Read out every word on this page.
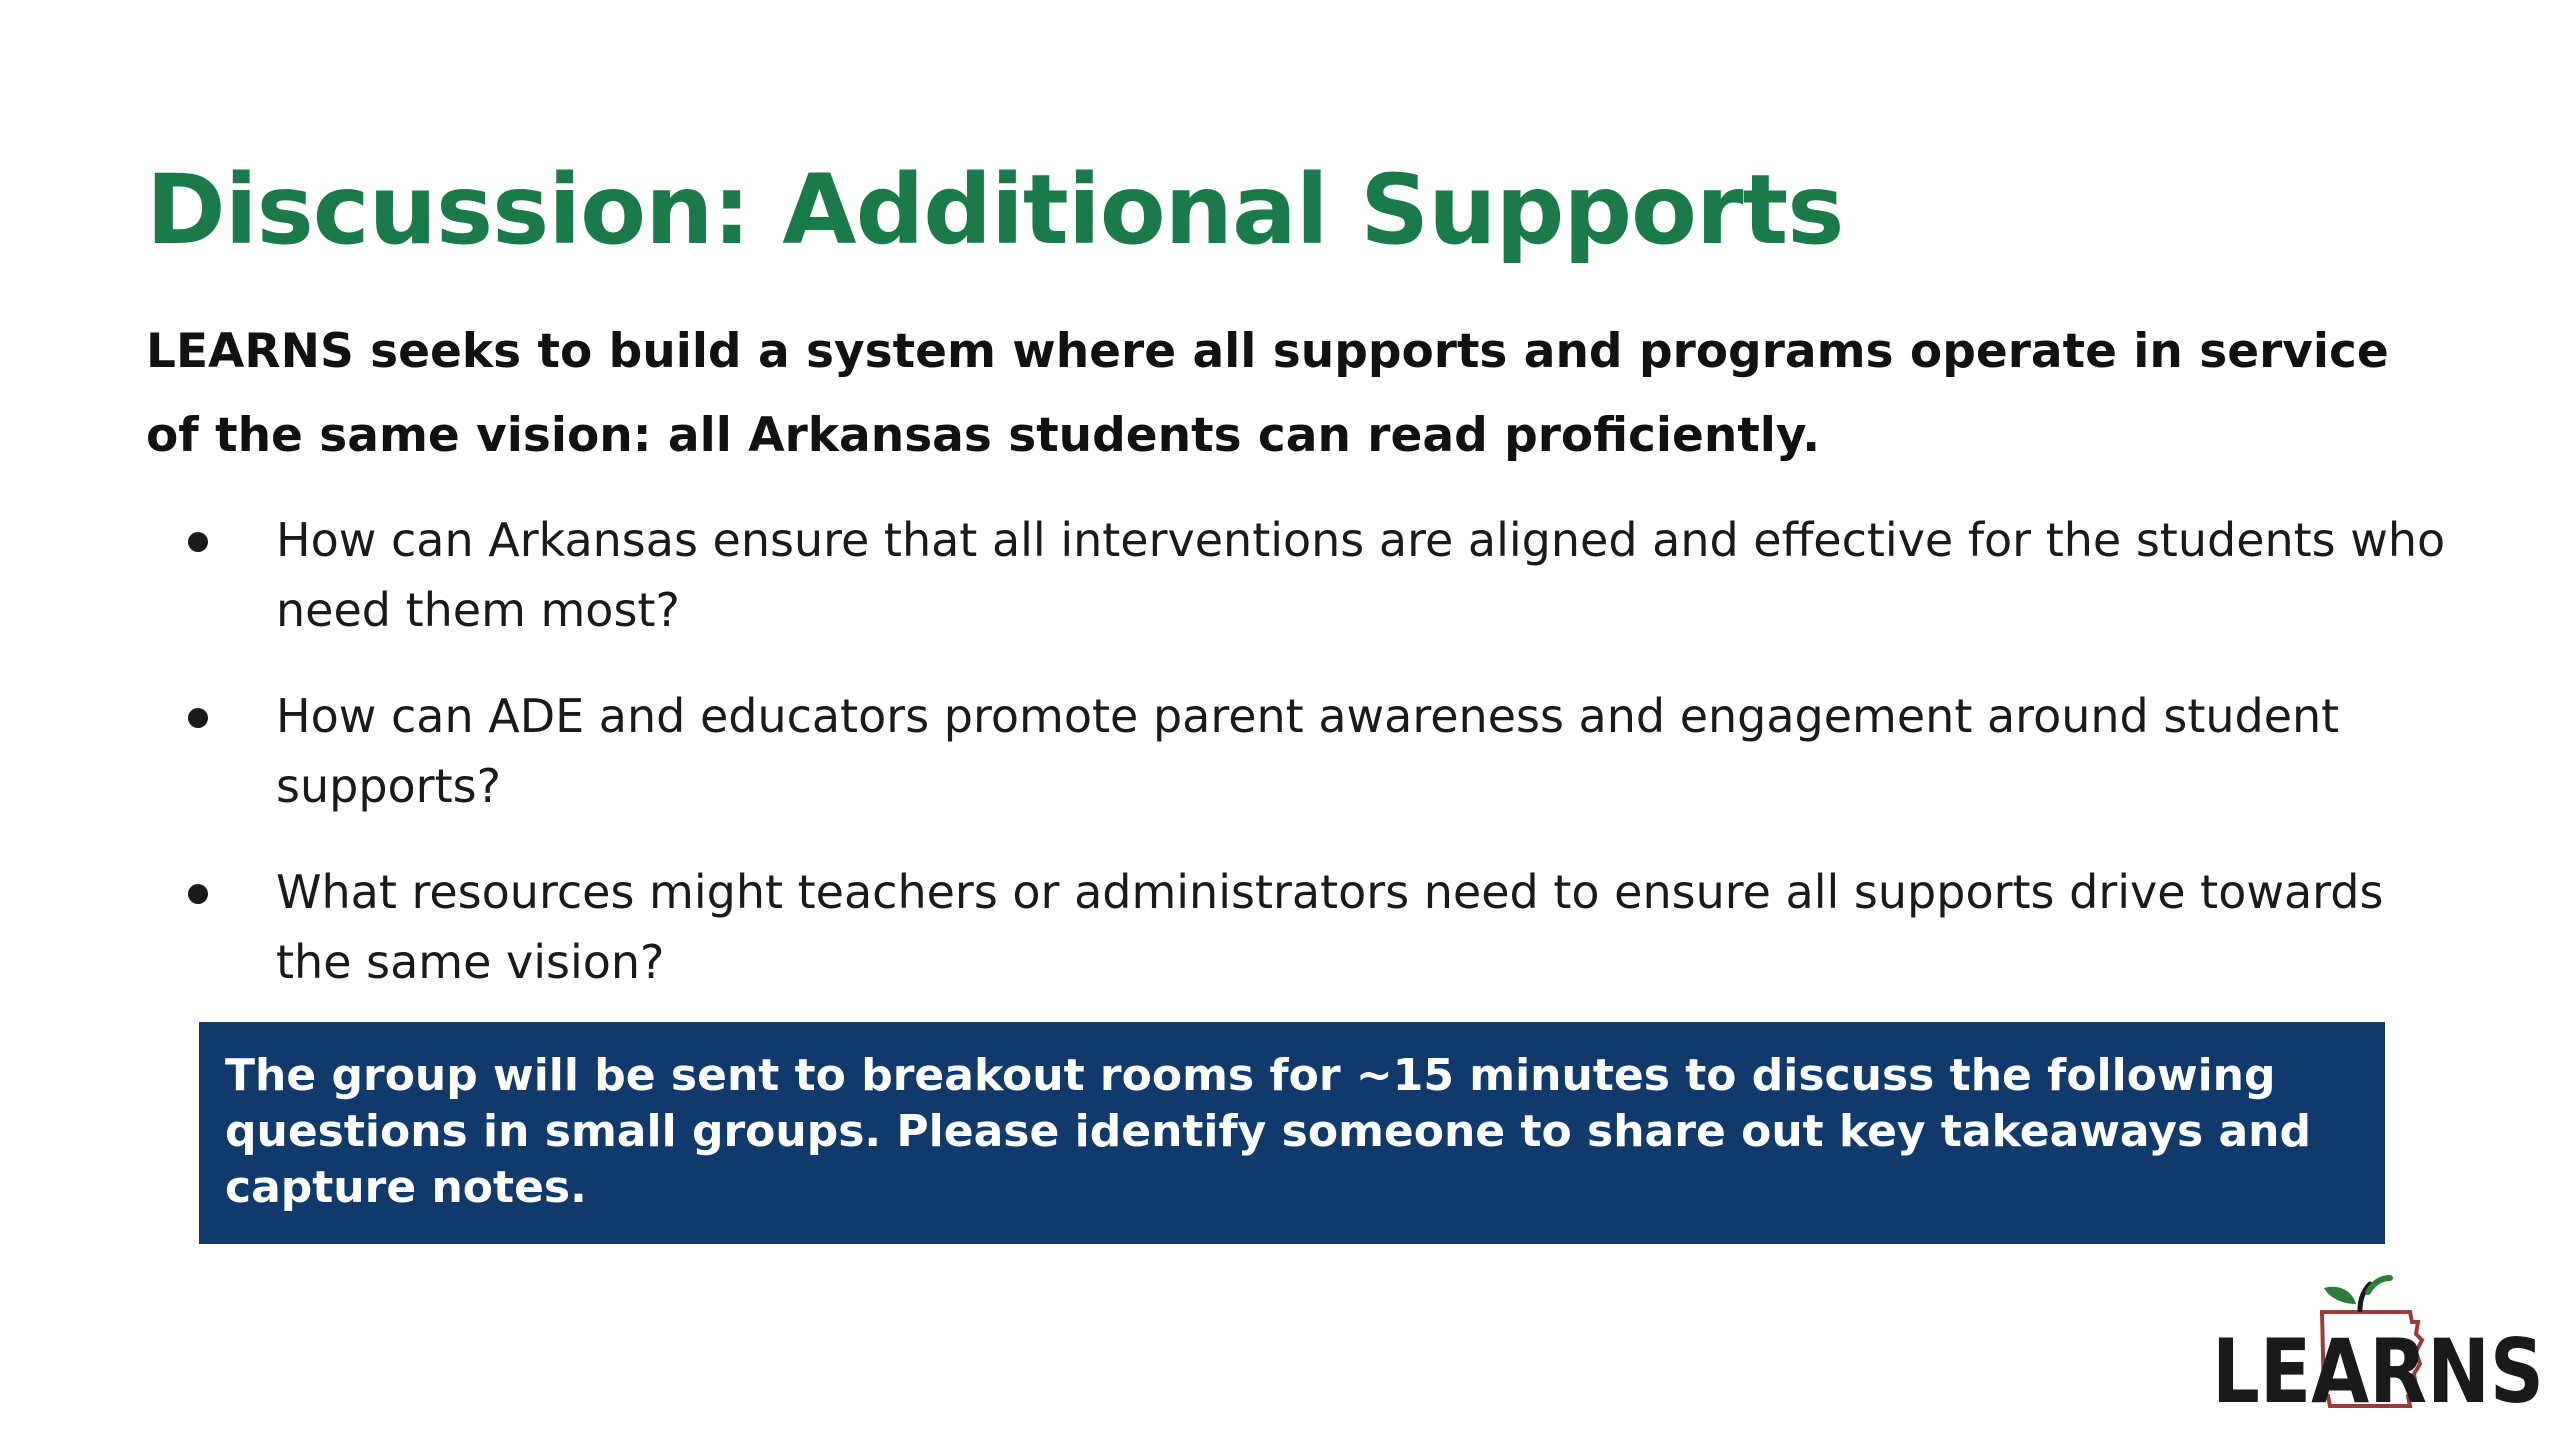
Discussion: Additional Supports

LEARNS seeks to build a system where all supports and programs operate in service of the same vision: all Arkansas students can read proficiently.

How can Arkansas ensure that all interventions are aligned and effective for the students who need them most?
How can ADE and educators promote parent awareness and engagement around student supports?
What resources might teachers or administrators need to ensure all supports drive towards the same vision?
The group will be sent to breakout rooms for ~15 minutes to discuss the following questions in small groups. Please identify someone to share out key takeaways and capture notes.
LEARNS
